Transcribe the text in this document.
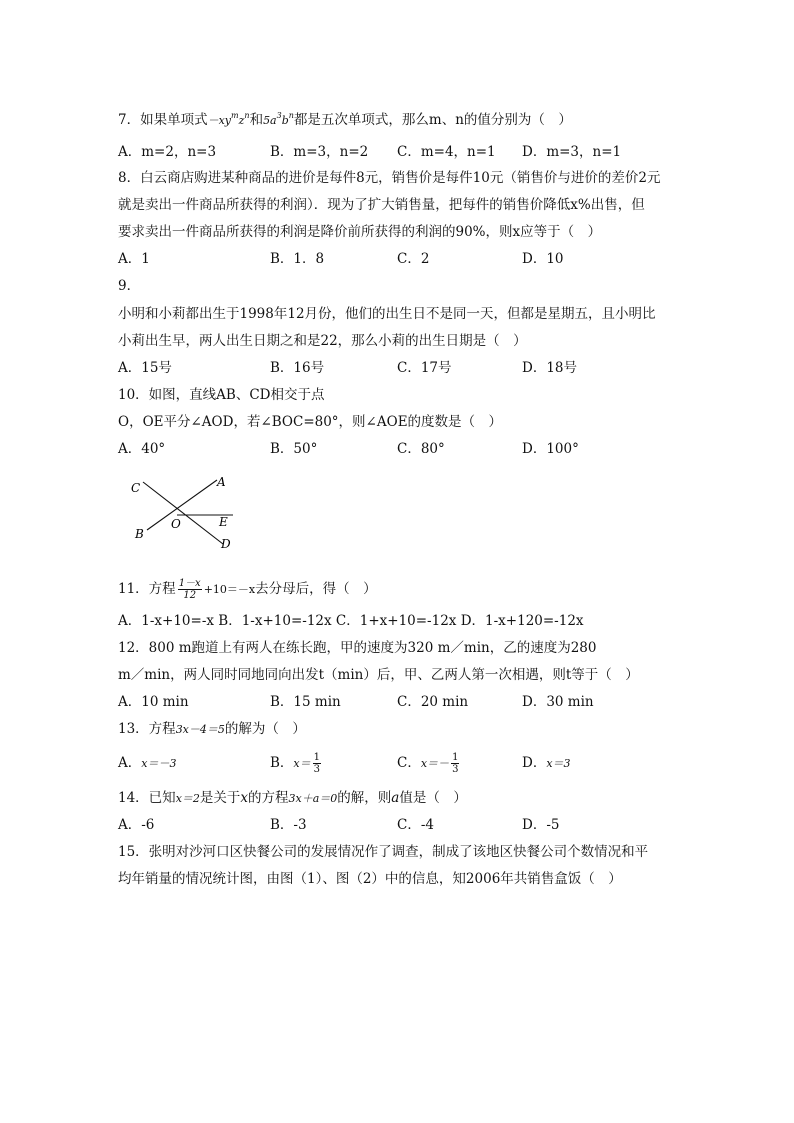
7．如果单项式$-xy^mz^n$和$5a^3b^n$都是五次单项式，那么m、n的值分别为（　）
A．m=2，n=3	B．m=3，n=2 C．m=4，n=1 D．m=3，n=1
8．白云商店购进某种商品的进价是每件8元，销售价是每件10元（销售价与进价的差价2元
就是卖出一件商品所获得的利润）．现为了扩大销售量，把每件的销售价降低x%出售，但
要求卖出一件商品所获得的利润是降价前所获得的利润的90%，则x应等于（　）
A．1	B．1．8	C．2	D．10
9．
小明和小莉都出生于1998年12月份，他们的出生日不是同一天，但都是星期五，且小明比
小莉出生早，两人出生日期之和是22，那么小莉的出生日期是（　）
A．15号	B．16号	C．17号	D．18号
10．如图，直线AB、CD相交于点
O，OE平分∠AOD，若∠BOC=80°，则∠AOE的度数是（　）
A．40°	B．50°	C．80°	D．100°
C	A
O	E
B
D
11．方程 $\frac{1-x}{12} +10=-x$去分母后，得（　）
A．1-x+10=-x B．1-x+10=-12x C．1+x+10=-12x D．1-x+120=-12x
12．800 m跑道上有两人在练长跑，甲的速度为320 m／min，乙的速度为280
m／min，两人同时同地同向出发t（min）后，甲、乙两人第一次相遇，则t等于（　）
A．10 min	B．15 min	C．20 min	D．30 min
13．方程3x－4＝5的解为（　）
A．x＝－3	B．$x= \frac{1}{3}$	C．$x=- \frac{1}{3}$	D．x＝3
14．已知x＝2是关于x的方程3x＋a＝0的解，则a值是（　）
A．-6	B．-3	C．-4	D．-5
15．张明对沙河口区快餐公司的发展情况作了调查，制成了该地区快餐公司个数情况和平
均年销量的情况统计图，由图（1）、图（2）中的信息，知2006年共销售盒饭（　）
